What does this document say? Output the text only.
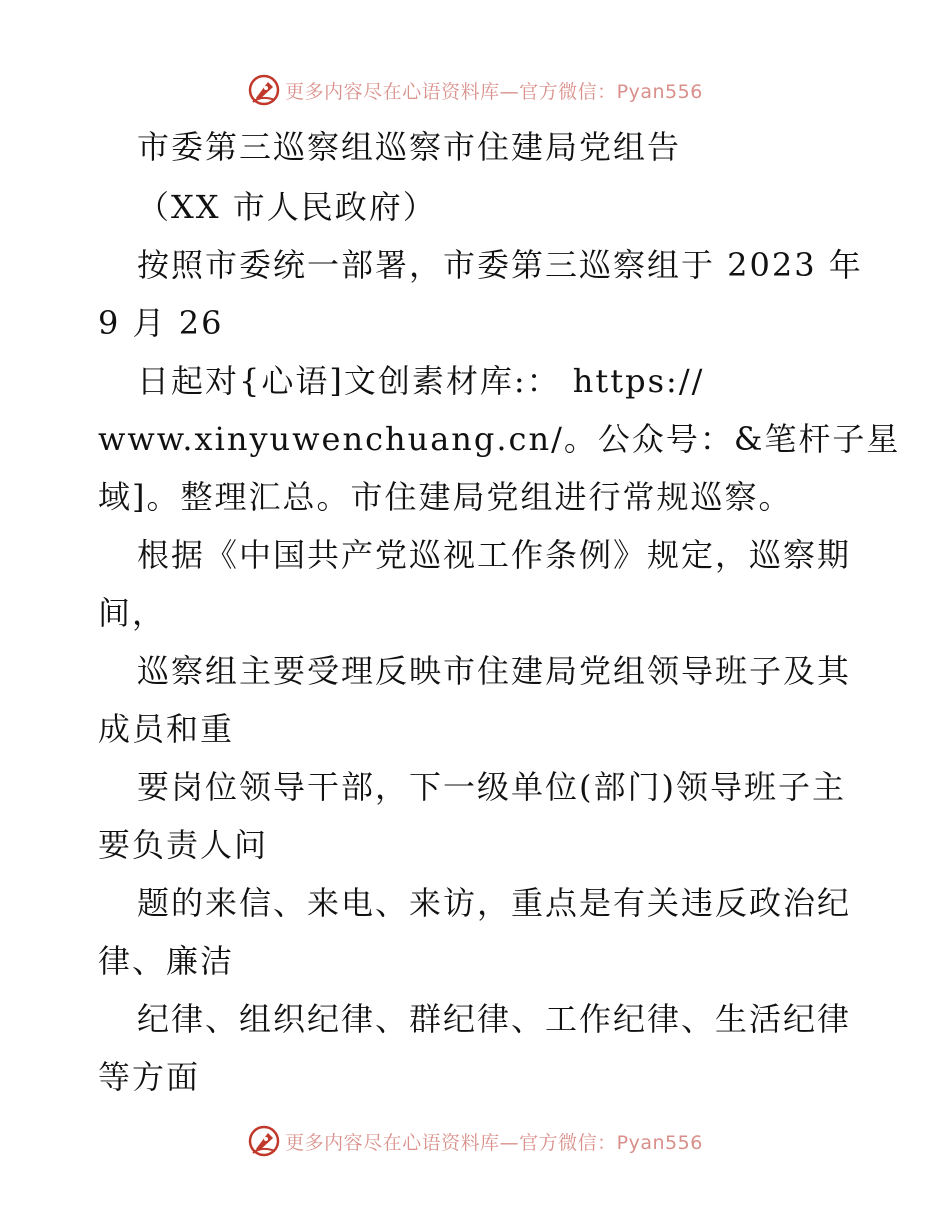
更多内容尽在心语资料库—官方微信：Pyan556
市委第三巡察组巡察市住建局党组告
（XX 市人民政府）
按照市委统一部署，市委第三巡察组于 2023 年
9 月 26
日起对{心语]文创素材库:： https://
www.xinyuwenchuang.cn/。公众号：&笔杆子星
域]。整理汇总。市住建局党组进行常规巡察。
根据《中国共产党巡视工作条例》规定，巡察期
间，
巡察组主要受理反映市住建局党组领导班子及其
成员和重
要岗位领导干部，下一级单位(部门)领导班子主
要负责人问
题的来信、来电、来访，重点是有关违反政治纪
律、廉洁
纪律、组织纪律、群纪律、工作纪律、生活纪律
等方面
更多内容尽在心语资料库—官方微信：Pyan556
